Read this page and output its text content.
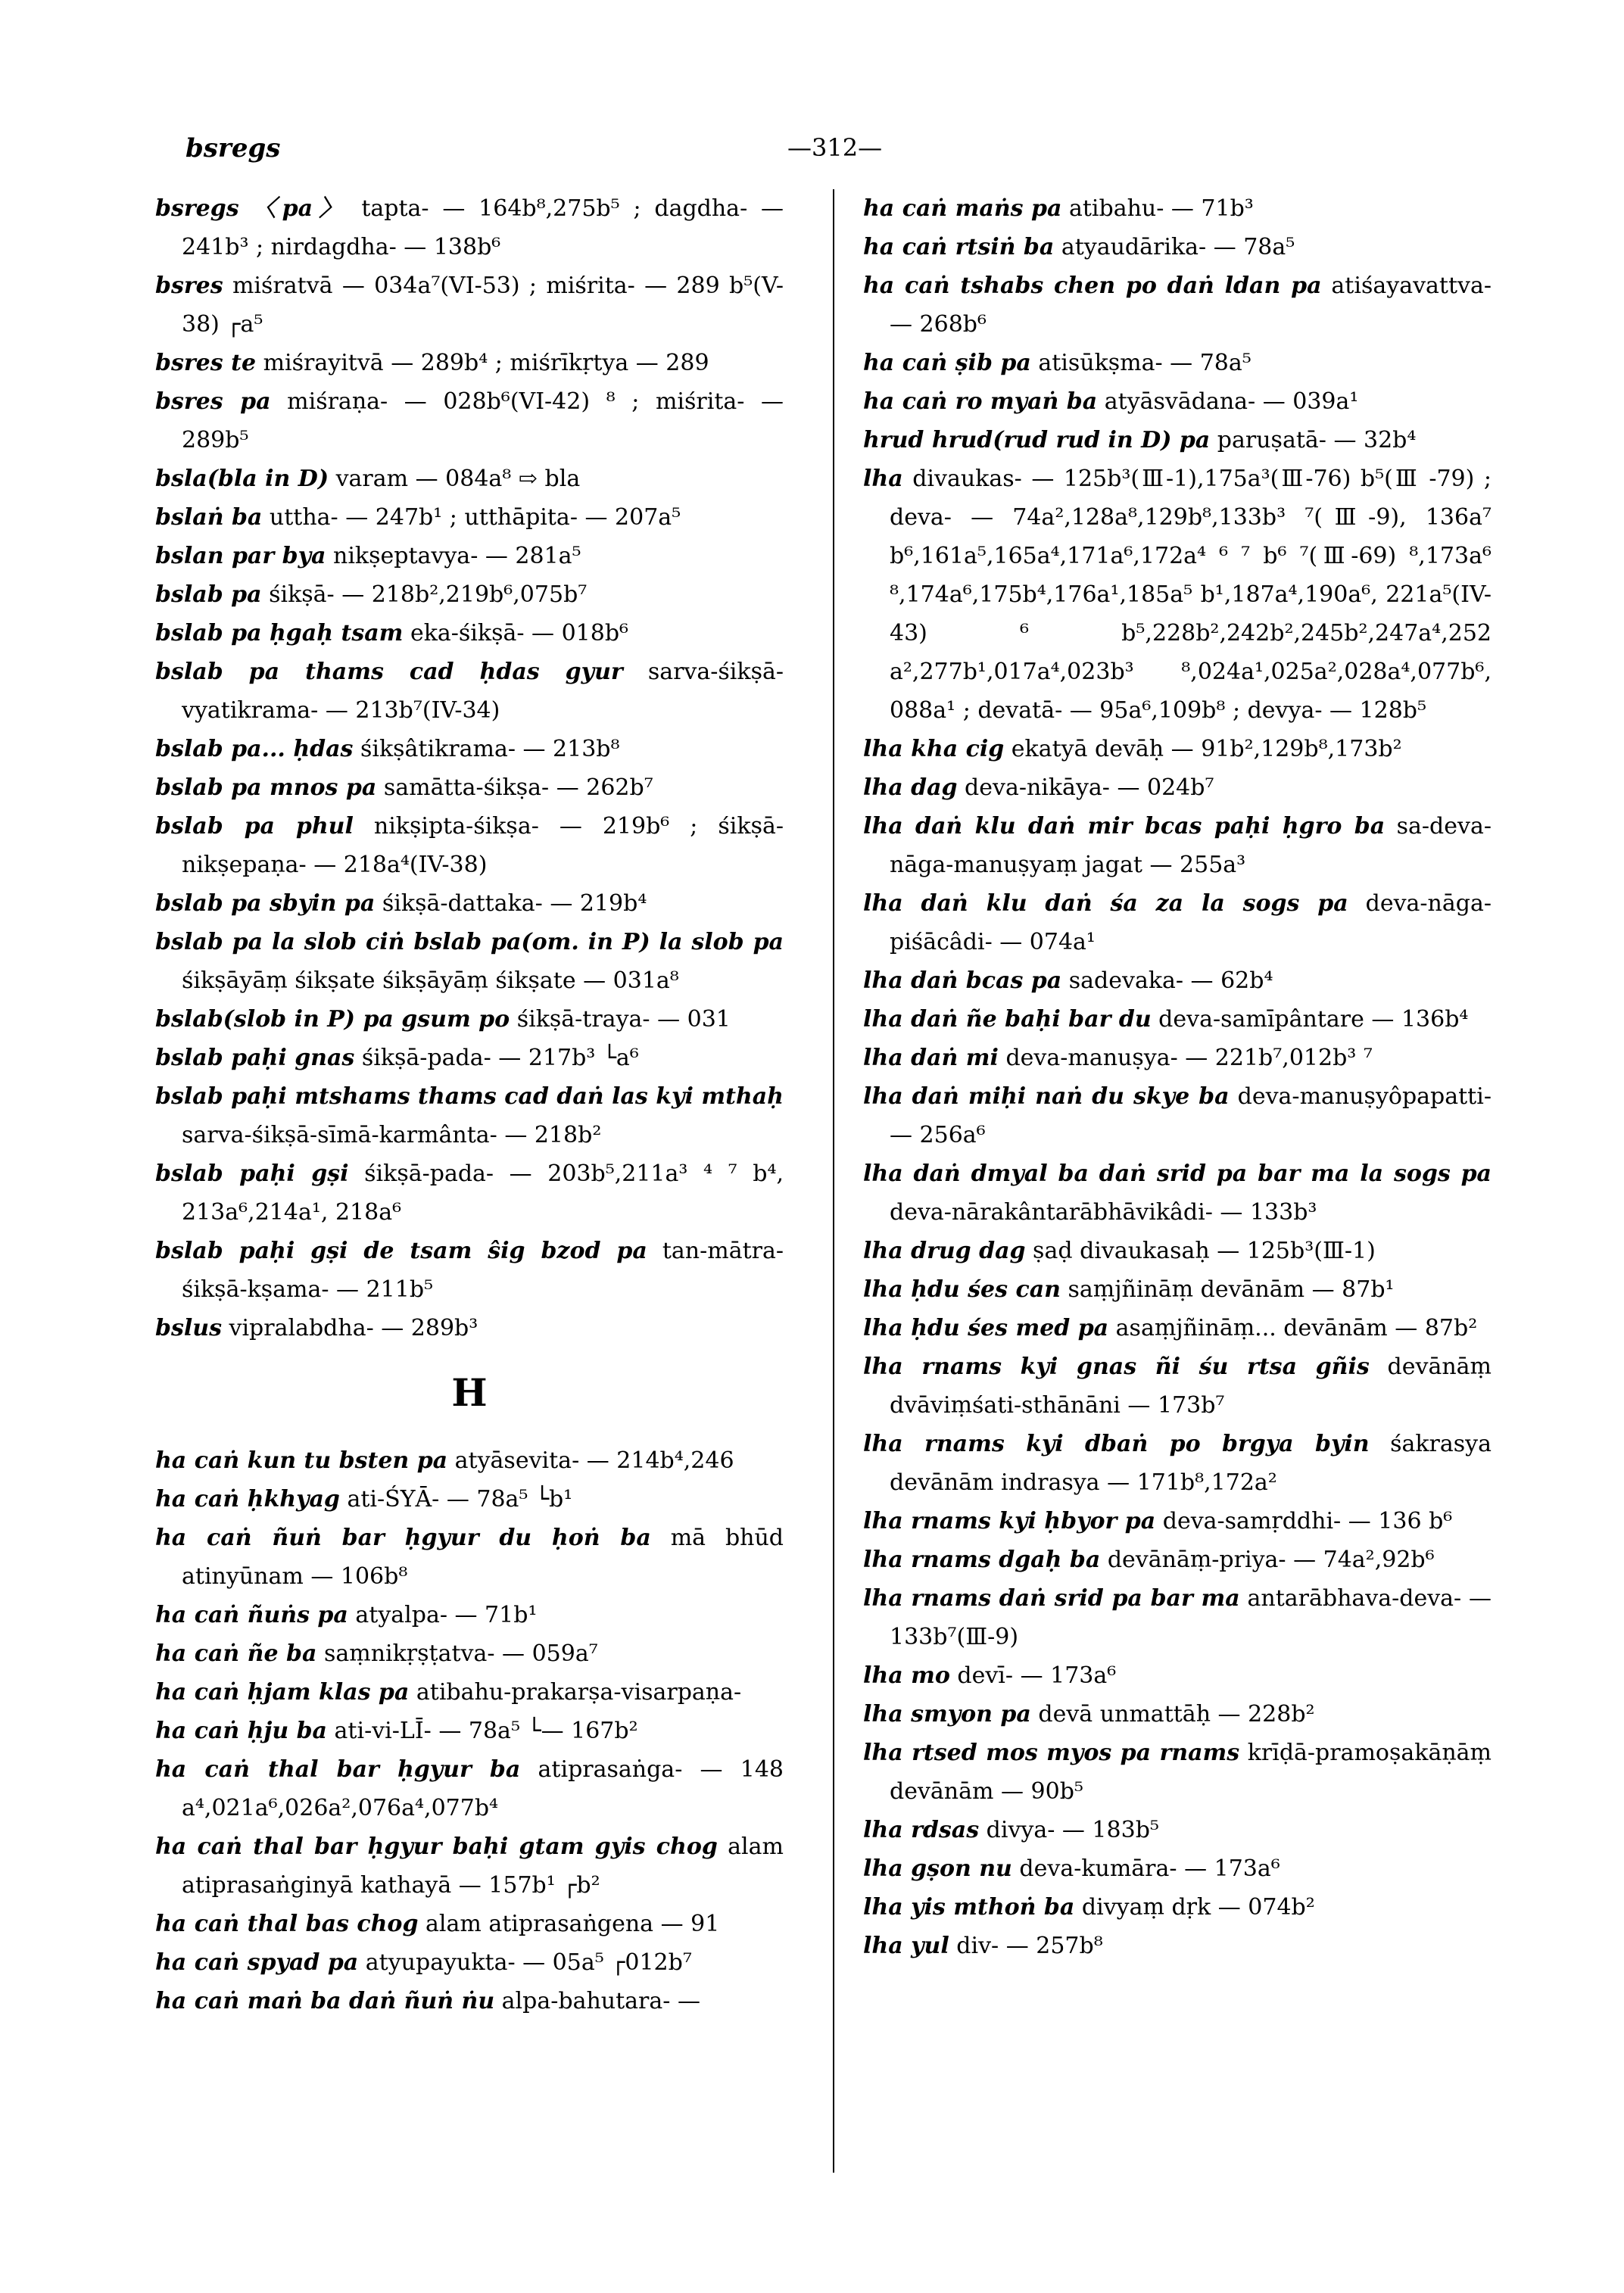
bsregs	—312—

bsregs 〈pa〉 tapta- — 164b⁸,275b⁵ ; dagdha- — 241b³ ; nirdagdha- — 138b⁶

bsres miśratvā — 034a⁷(VI-53) ; miśrita- — 289 b⁵(V-38) ┌a⁵

bsres te miśrayitvā — 289b⁴ ; miśrīkṛtya — 289

bsres pa miśraṇa- — 028b⁶(VI-42) ⁸ ; miśrita- — 289b⁵

bsla(bla in D) varam — 084a⁸ ⇨ bla

bslaṅ ba uttha- — 247b¹ ; utthāpita- — 207a⁵

bslan par bya nikṣeptavya- — 281a⁵

bslab pa śikṣā- — 218b²,219b⁶,075b⁷

bslab pa ḥgaḥ tsam eka-śikṣā- — 018b⁶

bslab pa thams cad ḥdas gyur sarva-śikṣā-vyatikrama- — 213b⁷(IV-34)

bslab pa... ḥdas śikṣâtikrama- — 213b⁸

bslab pa mnos pa samātta-śikṣa- — 262b⁷

bslab pa phul nikṣipta-śikṣa- — 219b⁶ ; śikṣā-nikṣepaṇa- — 218a⁴(IV-38)

bslab pa sbyin pa śikṣā-dattaka- — 219b⁴

bslab pa la slob ciṅ bslab pa(om. in P) la slob pa śikṣāyāṃ śikṣate śikṣāyāṃ śikṣate — 031a⁸

bslab(slob in P) pa gsum po śikṣā-traya- — 031

bslab paḥi gnas śikṣā-pada- — 217b³ └a⁶

bslab paḥi mtshams thams cad daṅ las kyi mthaḥ sarva-śikṣā-sīmā-karmânta- — 218b²

bslab paḥi gṣi śikṣā-pada- — 203b⁵,211a³ ⁴ ⁷ b⁴, 213a⁶,214a¹, 218a⁶

bslab paḥi gṣi de tsam ŝig bzod pa tan-mātra-śikṣā-kṣama- — 211b⁵

bslus vipralabdha- — 289b³

H

ha caṅ kun tu bsten pa atyāsevita- — 214b⁴,246

ha caṅ ḥkhyag ati-ŚYĀ- — 78a⁵ └b¹

ha caṅ ñuṅ bar ḥgyur du ḥoṅ ba mā bhūd atinyūnam — 106b⁸

ha caṅ ñuṅs pa atyalpa- — 71b¹

ha caṅ ñe ba saṃnikṛṣṭatva- — 059a⁷

ha caṅ ḥjam klas pa atibahu-prakarṣa-visarpaṇa-

ha caṅ ḥju ba ati-vi-LĪ- — 78a⁵ └— 167b²

ha caṅ thal bar ḥgyur ba atiprasaṅga- — 148 a⁴,021a⁶,026a²,076a⁴,077b⁴

ha caṅ thal bar ḥgyur baḥi gtam gyis chog alam atiprasaṅginyā kathayā — 157b¹ ┌b²

ha caṅ thal bas chog alam atiprasaṅgena — 91

ha caṅ spyad pa atyupayukta- — 05a⁵ ┌012b⁷

ha caṅ maṅ ba daṅ ñuṅ ṅu alpa-bahutara- —

ha caṅ maṅs pa atibahu- — 71b³

ha caṅ rtsiṅ ba atyaudārika- — 78a⁵

ha caṅ tshabs chen po daṅ ldan pa atiśayavattva- — 268b⁶

ha caṅ ṣib pa atisūkṣma- — 78a⁵

ha caṅ ro myaṅ ba atyāsvādana- — 039a¹

hrud hrud(rud rud in D) pa paruṣatā- — 32b⁴

lha divaukas- — 125b³(Ⅲ-1),175a³(Ⅲ-76) b⁵(Ⅲ -79) ; deva- — 74a²,128a⁸,129b⁸,133b³ ⁷(Ⅲ-9), 136a⁷ b⁶,161a⁵,165a⁴,171a⁶,172a⁴ ⁶ ⁷ b⁶ ⁷(Ⅲ-69) ⁸,173a⁶ ⁸,174a⁶,175b⁴,176a¹,185a⁵ b¹,187a⁴,190a⁶, 221a⁵(IV-43) ⁶ b⁵,228b²,242b²,245b²,247a⁴,252 a²,277b¹,017a⁴,023b³ ⁸,024a¹,025a²,028a⁴,077b⁶, 088a¹ ; devatā- — 95a⁶,109b⁸ ; devya- — 128b⁵

lha kha cig ekatyā devāḥ — 91b²,129b⁸,173b²

lha dag deva-nikāya- — 024b⁷

lha daṅ klu daṅ mir bcas paḥi ḥgro ba sa-deva-nāga-manuṣyaṃ jagat — 255a³

lha daṅ klu daṅ śa za la sogs pa deva-nāga-piśācâdi- — 074a¹

lha daṅ bcas pa sadevaka- — 62b⁴

lha daṅ ñe baḥi bar du deva-samīpântare — 136b⁴

lha daṅ mi deva-manuṣya- — 221b⁷,012b³ ⁷

lha daṅ miḥi naṅ du skye ba deva-manuṣyôpapatti- — 256a⁶

lha daṅ dmyal ba daṅ srid pa bar ma la sogs pa deva-nārakântarābhāvikâdi- — 133b³

lha drug dag ṣaḍ divaukasaḥ — 125b³(Ⅲ-1)

lha ḥdu śes can saṃjñināṃ devānām — 87b¹

lha ḥdu śes med pa asaṃjñināṃ... devānām — 87b²

lha rnams kyi gnas ñi śu rtsa gñis devānāṃ dvāviṃśati-sthānāni — 173b⁷

lha rnams kyi dbaṅ po brgya byin śakrasya devānām indrasya — 171b⁸,172a²

lha rnams kyi ḥbyor pa deva-samṛddhi- — 136 b⁶

lha rnams dgaḥ ba devānāṃ-priya- — 74a²,92b⁶

lha rnams daṅ srid pa bar ma antarābhava-deva- — 133b⁷(Ⅲ-9)

lha mo devī- — 173a⁶

lha smyon pa devā unmattāḥ — 228b²

lha rtsed mos myos pa rnams krīḍā-pramoṣakāṇāṃ devānām — 90b⁵

lha rdsas divya- — 183b⁵

lha gṣon nu deva-kumāra- — 173a⁶

lha yis mthoṅ ba divyaṃ dṛk — 074b²

lha yul div- — 257b⁸
